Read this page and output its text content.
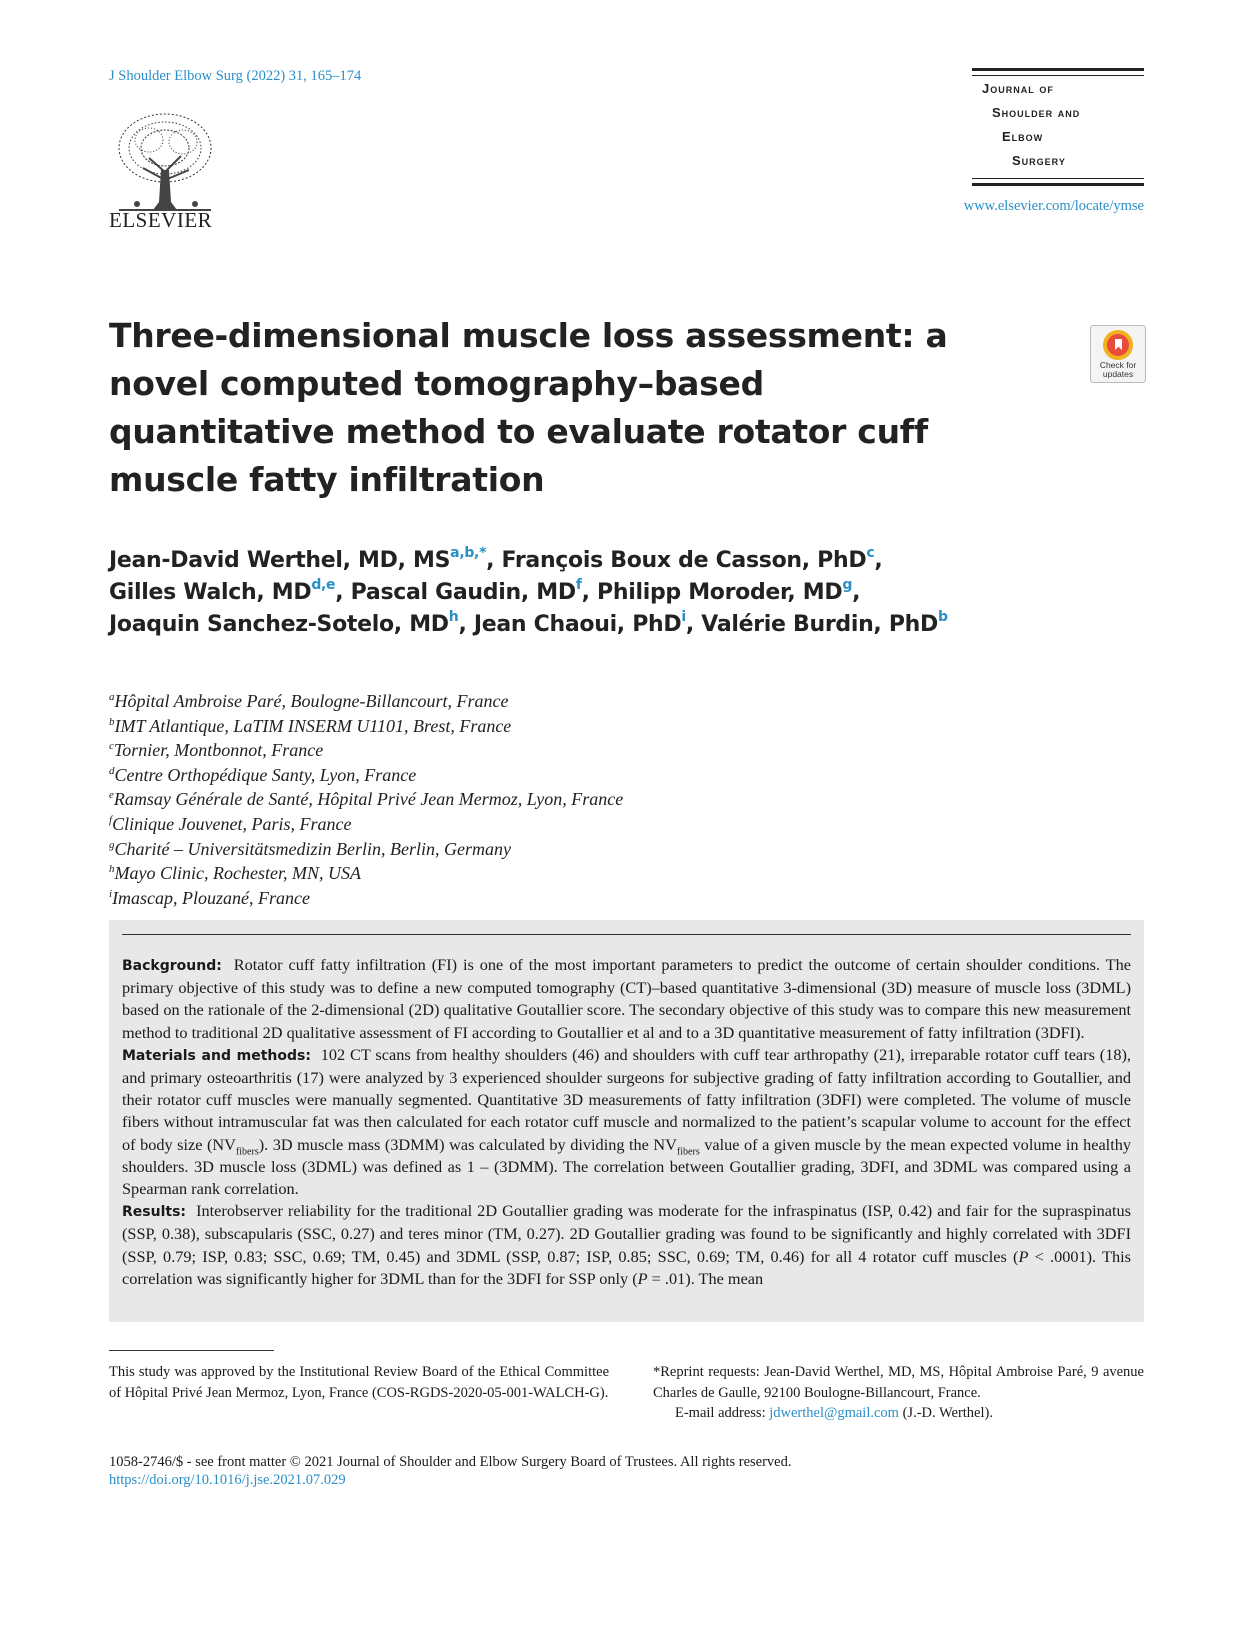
J Shoulder Elbow Surg (2022) 31, 165–174
ELSEVIER
Journal of
Shoulder and
Elbow
Surgery
www.elsevier.com/locate/ymse
Three-dimensional muscle loss assessment: a novel computed tomography–based quantitative method to evaluate rotator cuff muscle fatty infiltration
Check for
updates
Jean-David Werthel, MD, $MS^{a,b,*}$, François Boux de Casson, PhD$^c$,
Gilles Walch, MD$^{d,e}$, Pascal Gaudin, $MD^f$, Philipp Moroder, $MD^g$,
Joaquin Sanchez-Sotelo, $MD^h$, Jean Chaoui, PhD$^i$, Valérie Burdin, PhD$^b$
$^a$Hôpital Ambroise Paré, Boulogne-Billancourt, France
$^b$IMT Atlantique, LaTIM INSERM U1101, Brest, France
$^c$Tornier, Montbonnot, France
$^d$Centre Orthopédique Santy, Lyon, France
$^e$Ramsay Générale de Santé, Hôpital Privé Jean Mermoz, Lyon, France
$^f$Clinique Jouvenet, Paris, France
$^g$Charité – Universitätsmedizin Berlin, Berlin, Germany
$^h$Mayo Clinic, Rochester, MN, USA
$^i$Imascap, Plouzané, France
Background: Rotator cuff fatty infiltration (FI) is one of the most important parameters to predict the outcome of certain shoulder conditions. The primary objective of this study was to define a new computed tomography (CT)–based quantitative 3-dimensional (3D) measure of muscle loss (3DML) based on the rationale of the 2-dimensional (2D) qualitative Goutallier score. The secondary objective of this study was to compare this new measurement method to traditional 2D qualitative assessment of FI according to Goutallier et al and to a 3D quantitative measurement of fatty infiltration (3DFI).
Materials and methods: 102 CT scans from healthy shoulders (46) and shoulders with cuff tear arthropathy (21), irreparable rotator cuff tears (18), and primary osteoarthritis (17) were analyzed by 3 experienced shoulder surgeons for subjective grading of fatty infiltration according to Goutallier, and their rotator cuff muscles were manually segmented. Quantitative 3D measurements of fatty infiltration (3DFI) were completed. The volume of muscle fibers without intramuscular fat was then calculated for each rotator cuff muscle and normalized to the patient’s scapular volume to account for the effect of body size $(NV_{fibers})$. 3D muscle mass (3DMM) was calculated by dividing the $NV_{fibers}$ value of a given muscle by the mean expected volume in healthy shoulders. 3D muscle loss (3DML) was defined as 1 – (3DMM). The correlation between Goutallier grading, 3DFI, and 3DML was compared using a Spearman rank correlation.
Results: Interobserver reliability for the traditional 2D Goutallier grading was moderate for the infraspinatus (ISP, 0.42) and fair for the supraspinatus (SSP, 0.38), subscapularis (SSC, 0.27) and teres minor (TM, 0.27). 2D Goutallier grading was found to be significantly and highly correlated with 3DFI (SSP, 0.79; ISP, 0.83; SSC, 0.69; TM, 0.45) and 3DML (SSP, 0.87; ISP, 0.85; SSC, 0.69; TM, 0.46) for all 4 rotator cuff muscles (P < .0001). This correlation was significantly higher for 3DML than for the 3DFI for SSP only (P = .01). The mean
This study was approved by the Institutional Review Board of the Ethical Committee of Hôpital Privé Jean Mermoz, Lyon, France (COS-RGDS-2020-05-001-WALCH-G).
*Reprint requests: Jean-David Werthel, MD, MS, Hôpital Ambroise Paré, 9 avenue Charles de Gaulle, 92100 Boulogne-Billancourt, France.
E-mail address: jdwerthel@gmail.com (J.-D. Werthel).
1058-2746/$ - see front matter © 2021 Journal of Shoulder and Elbow Surgery Board of Trustees. All rights reserved.
https://doi.org/10.1016/j.jse.2021.07.029
